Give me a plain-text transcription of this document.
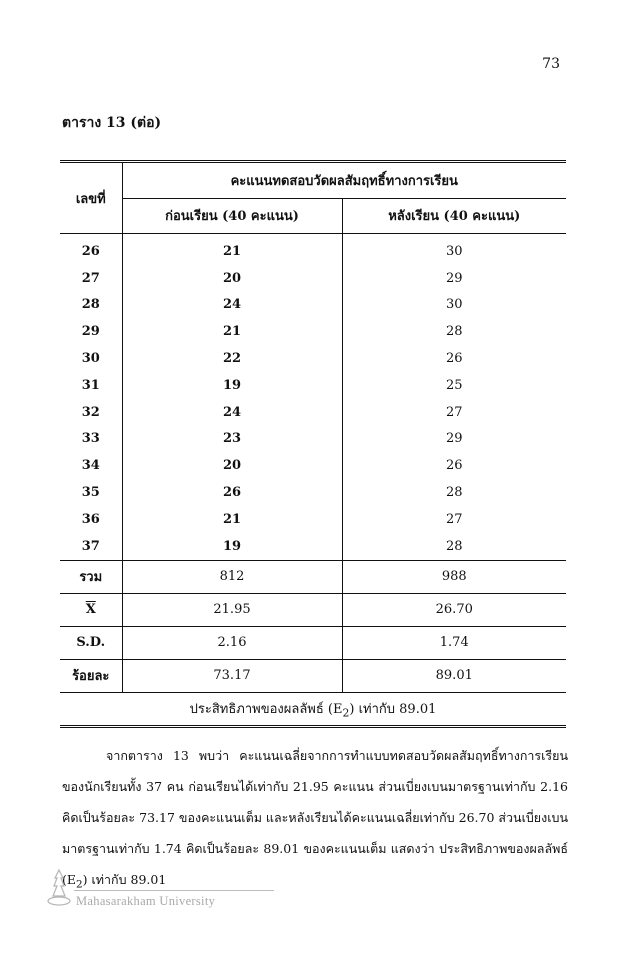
73
ตาราง 13 (ต่อ)
เลขที่	คะแนนทดสอบวัดผลสัมฤทธิ์ทางการเรียน	
	ก่อนเรียน (40 คะแนน)	หลังเรียน (40 คะแนน)
26	21	30
27	20	29
28	24	30
29	21	28
30	22	26
31	19	25
32	24	27
33	23	29
34	20	26
35	26	28
36	21	27
37	19	28
รวม	812	988
$\overline{X}$	21.95	26.70
S.D.	2.16	1.74
ร้อยละ	73.17	89.01
ประสิทธิภาพของผลลัพธ์ $(E_2)$ เท่ากับ 89.01		
จากตาราง 13 พบว่า คะแนนเฉลี่ยจากการทำแบบทดสอบวัดผลสัมฤทธิ์ทางการเรียนของนักเรียนทั้ง 37 คน ก่อนเรียนได้เท่ากับ 21.95 คะแนน ส่วนเบี่ยงเบนมาตรฐานเท่ากับ 2.16 คิดเป็นร้อยละ 73.17 ของคะแนนเต็ม และหลังเรียนได้คะแนนเฉลี่ยเท่ากับ 26.70 ส่วนเบี่ยงเบนมาตรฐานเท่ากับ 1.74 คิดเป็นร้อยละ 89.01 ของคะแนนเต็ม แสดงว่า ประสิทธิภาพของผลลัพธ์ $(E_2)$ เท่ากับ 89.01
Mahasarakham University
